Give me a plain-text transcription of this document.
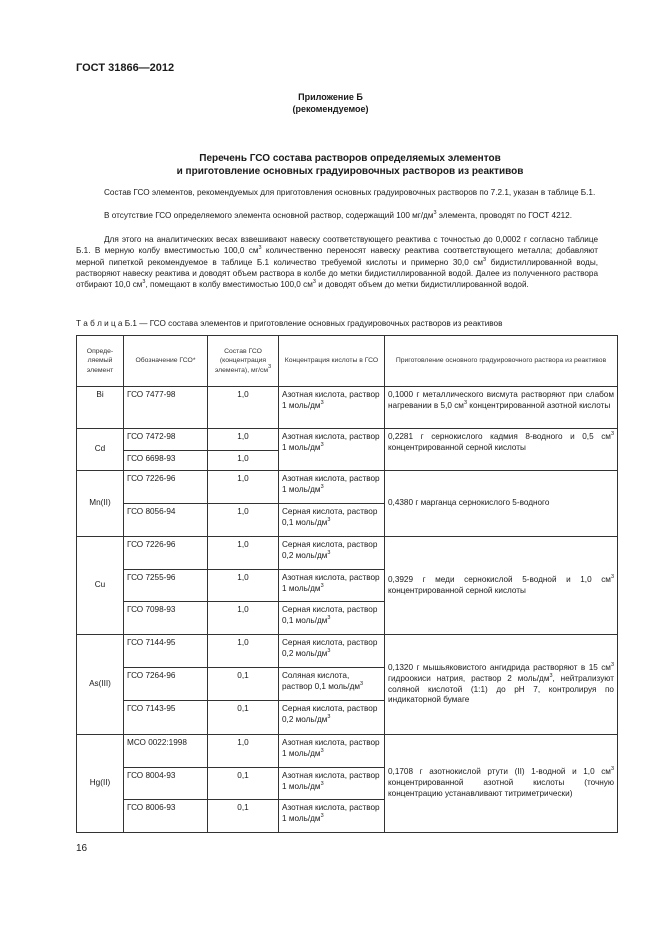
ГОСТ 31866—2012
Приложение Б
(рекомендуемое)
Перечень ГСО состава растворов определяемых элементов
и приготовление основных градуировочных растворов из реактивов
Состав ГСО элементов, рекомендуемых для приготовления основных градуировочных растворов по 7.2.1, указан в таблице Б.1.
В отсутствие ГСО определяемого элемента основной раствор, содержащий 100 $мг/дм^3$ элемента, проводят по ГОСТ 4212.
Для этого на аналитических весах взвешивают навеску соответствующего реактива с точностью до 0,0002 г согласно таблице Б.1. В мерную колбу вместимостью 100,0 $см^3$ количественно переносят навеску реактива соответствующего металла; добавляют мерной пипеткой рекомендуемое в таблице Б.1 количество требуемой кислоты и примерно 30,0 $см^3$ бидистиллированной воды, растворяют навеску реактива и доводят объем раствора в колбе до метки бидистиллированной водой. Далее из полученного раствора отбирают 10,0 $см^3$, помещают в колбу вместимостью 100,0 $см^3$ и доводят объем до метки бидистиллированной водой.
Т а б л и ц а Б.1 — ГСО состава элементов и приготовление основных градуировочных растворов из реактивов
Опреде-ляемый элемент	Обозначение ГСО*	Состав ГСО (концентрация элемента), $мг/см^3$	Концентрация кислоты в ГСО	Приготовление основного градуировочного раствора из реактивов
Bi	ГСО 7477-98	1,0	Азотная кислота, раствор 1 моль/$дм^3$	0,1000 г металлического висмута растворяют при слабом нагревании в 5,0 $см^3$ концентрированной азотной кислоты
Cd	ГСО 7472-98	1,0	Азотная кислота, раствор 1 моль/$дм^3$	0,2281 г сернокислого кадмия 8-водного и 0,5 $см^3$ концентрированной серной кислоты
	ГСО 6698-93	1,0		
Mn(II)	ГСО 7226-96	1,0	Азотная кислота, раствор 1 моль/$дм^3$	0,4380 г марганца сернокислого 5-водного
	ГСО 8056-94	1,0	Серная кислота, раствор 0,1 моль/$дм^3$
Cu	ГСО 7226-96	1,0	Серная кислота, раствор 0,2 моль/$дм^3$	0,3929 г меди сернокислой 5-водной и 1,0 $см^3$ концентрированной серной кислоты
	ГСО 7255-96	1,0	Азотная кислота, раствор 1 моль/$дм^3$
	ГСО 7098-93	1,0	Серная кислота, раствор 0,1 моль/$дм^3$
As(III)	ГСО 7144-95	1,0	Серная кислота, раствор 0,2 моль/$дм^3$	0,1320 г мышьяковистого ангидрида растворяют в 15 $см^3$ гидроокиси натрия, раствор 2 моль/$дм^3$, нейтрализуют соляной кислотой (1:1) до pH 7, контролируя по индикаторной бумаге
	ГСО 7264-96	0,1	Соляная кислота, раствор 0,1 моль/$дм^3$
	ГСО 7143-95	0,1	Серная кислота, раствор 0,2 моль/$дм^3$
Hg(II)	МСО 0022:1998	1,0	Азотная кислота, раствор 1 моль/$дм^3$	0,1708 г азотнокислой ртути (II) 1-водной и 1,0 $см^3$ концентрированной азотной кислоты (точную концентрацию устанавливают титриметрически)
	ГСО 8004-93	0,1	Азотная кислота, раствор 1 моль/$дм^3$
	ГСО 8006-93	0,1	Азотная кислота, раствор 1 моль/$дм^3$
16
